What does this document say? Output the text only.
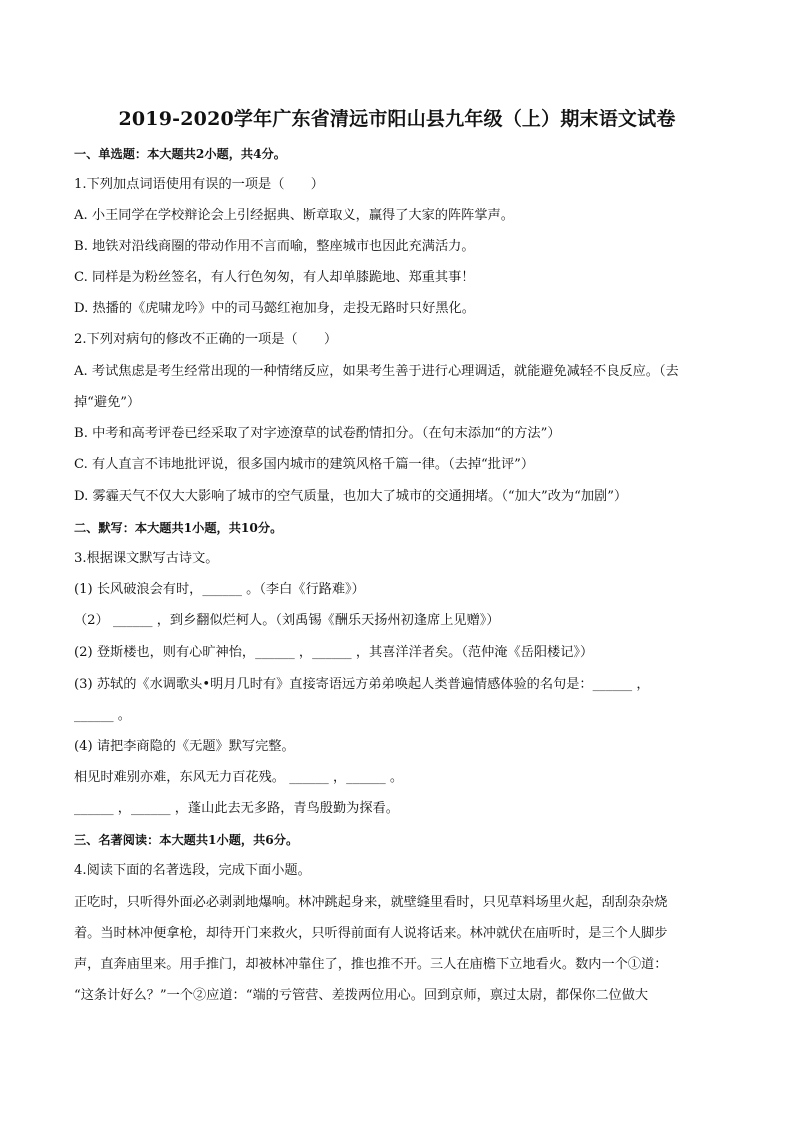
2019-2020学年广东省清远市阳山县九年级（上）期末语文试卷
一、单选题：本大题共2小题，共4分。
1.下列加点词语使用有误的一项是（　　）
A. 小王同学在学校辩论会上引经据典、断章取义，赢得了大家的阵阵掌声。
B. 地铁对沿线商圈的带动作用不言而喻，整座城市也因此充满活力。
C. 同样是为粉丝签名，有人行色匆匆，有人却单膝跪地、郑重其事！
D. 热播的《虎啸龙吟》中的司马懿红袍加身，走投无路时只好黑化。
2.下列对病句的修改不正确的一项是（　　）
A. 考试焦虑是考生经常出现的一种情绪反应，如果考生善于进行心理调适，就能避免减轻不良反应。（去
掉“避免”）
B. 中考和高考评卷已经采取了对字迹潦草的试卷酌情扣分。（在句末添加“的方法”）
C. 有人直言不讳地批评说，很多国内城市的建筑风格千篇一律。（去掉“批评”）
D. 雾霾天气不仅大大影响了城市的空气质量，也加大了城市的交通拥堵。（“加大”改为“加剧”）
二、默写：本大题共1小题，共10分。
3.根据课文默写古诗文。
(1) 长风破浪会有时，______ 。（李白《行路难》）
（2） ______ ，到乡翻似烂柯人。（刘禹锡《酬乐天扬州初逢席上见赠》）
(2) 登斯楼也，则有心旷神怡，______ ，______ ，其喜洋洋者矣。（范仲淹《岳阳楼记》）
(3) 苏轼的《水调歌头•明月几时有》直接寄语远方弟弟唤起人类普遍情感体验的名句是：______ ，
______ 。
(4) 请把李商隐的《无题》默写完整。
相见时难别亦难，东风无力百花残。 ______ ，______ 。
______ ，______ ，蓬山此去无多路，青鸟殷勤为探看。
三、名著阅读：本大题共1小题，共6分。
4.阅读下面的名著选段，完成下面小题。
正吃时，只听得外面必必剥剥地爆响。林冲跳起身来，就壁缝里看时，只见草料场里火起，刮刮杂杂烧
着。当时林冲便拿枪，却待开门来救火，只听得前面有人说将话来。林冲就伏在庙听时，是三个人脚步
声，直奔庙里来。用手推门，却被林冲靠住了，推也推不开。三人在庙檐下立地看火。数内一个①道：
“这条计好么？”一个②应道：“端的亏管营、差拨两位用心。回到京师，禀过太尉，都保你二位做大
